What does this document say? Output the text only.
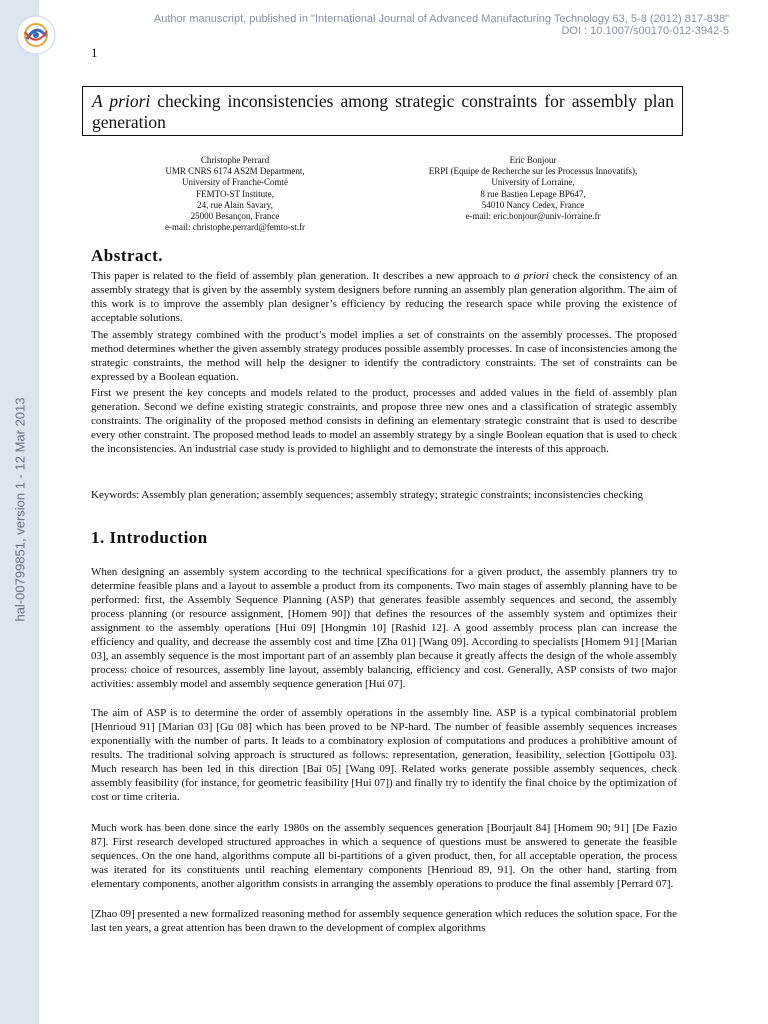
hal-00799851, version 1 - 12 Mar 2013
Author manuscript, published in "International Journal of Advanced Manufacturing Technology 63, 5-8 (2012) 817-838"
DOI : 10.1007/s00170-012-3942-5
1
A priori checking inconsistencies among strategic constraints for assembly plan generation
Christophe Perrard
UMR CNRS 6174 AS2M Department,
University of Franche-Comté
FEMTO-ST Institute,
24, rue Alain Savary,
25000 Besançon, France
e-mail: christophe.perrard@femto-st.fr
Eric Bonjour
ERPI (Equipe de Recherche sur les Processus Innovatifs),
University of Lorraine,
8 rue Bastien Lepage BP647,
54010 Nancy Cedex, France
e-mail: eric.bonjour@univ-lorraine.fr
Abstract.

This paper is related to the field of assembly plan generation. It describes a new approach to a priori check the consistency of an assembly strategy that is given by the assembly system designers before running an assembly plan generation algorithm. The aim of this work is to improve the assembly plan designer’s efficiency by reducing the research space while proving the existence of acceptable solutions.

The assembly strategy combined with the product’s model implies a set of constraints on the assembly processes. The proposed method determines whether the given assembly strategy produces possible assembly processes. In case of inconsistencies among the strategic constraints, the method will help the designer to identify the contradictory constraints. The set of constraints can be expressed by a Boolean equation.

First we present the key concepts and models related to the product, processes and added values in the field of assembly plan generation. Second we define existing strategic constraints, and propose three new ones and a classification of strategic assembly constraints. The originality of the proposed method consists in defining an elementary strategic constraint that is used to describe every other constraint. The proposed method leads to model an assembly strategy by a single Boolean equation that is used to check the inconsistencies. An industrial case study is provided to highlight and to demonstrate the interests of this approach.

Keywords: Assembly plan generation; assembly sequences; assembly strategy; strategic constraints; inconsistencies checking

1. Introduction

When designing an assembly system according to the technical specifications for a given product, the assembly planners try to determine feasible plans and a layout to assemble a product from its components. Two main stages of assembly planning have to be performed: first, the Assembly Sequence Planning (ASP) that generates feasible assembly sequences and second, the assembly process planning (or resource assignment, [Homem 90]) that defines the resources of the assembly system and optimizes their assignment to the assembly operations [Hui 09] [Hongmin 10] [Rashid 12]. A good assembly process plan can increase the efficiency and quality, and decrease the assembly cost and time [Zha 01] [Wang 09]. According to specialists [Homem 91] [Marian 03], an assembly sequence is the most important part of an assembly plan because it greatly affects the design of the whole assembly process: choice of resources, assembly line layout, assembly balancing, efficiency and cost. Generally, ASP consists of two major activities: assembly model and assembly sequence generation [Hui 07].

The aim of ASP is to determine the order of assembly operations in the assembly line. ASP is a typical combinatorial problem [Henrioud 91] [Marian 03] [Gu 08] which has been proved to be NP-hard. The number of feasible assembly sequences increases exponentially with the number of parts. It leads to a combinatory explosion of computations and produces a prohibitive amount of results. The traditional solving approach is structured as follows: representation, generation, feasibility, selection [Gottipolu 03]. Much research has been led in this direction [Bai 05] [Wang 09]. Related works generate possible assembly sequences, check assembly feasibility (for instance, for geometric feasibility [Hui 07]) and finally try to identify the final choice by the optimization of cost or time criteria.

Much work has been done since the early 1980s on the assembly sequences generation [Bourjault 84] [Homem 90; 91] [De Fazio 87]. First research developed structured approaches in which a sequence of questions must be answered to generate the feasible sequences. On the one hand, algorithms compute all bi-partitions of a given product, then, for all acceptable operation, the process was iterated for its constituents until reaching elementary components [Henrioud 89, 91]. On the other hand, starting from elementary components, another algorithm consists in arranging the assembly operations to produce the final assembly [Perrard 07].

[Zhao 09] presented a new formalized reasoning method for assembly sequence generation which reduces the solution space. For the last ten years, a great attention has been drawn to the development of complex algorithms
